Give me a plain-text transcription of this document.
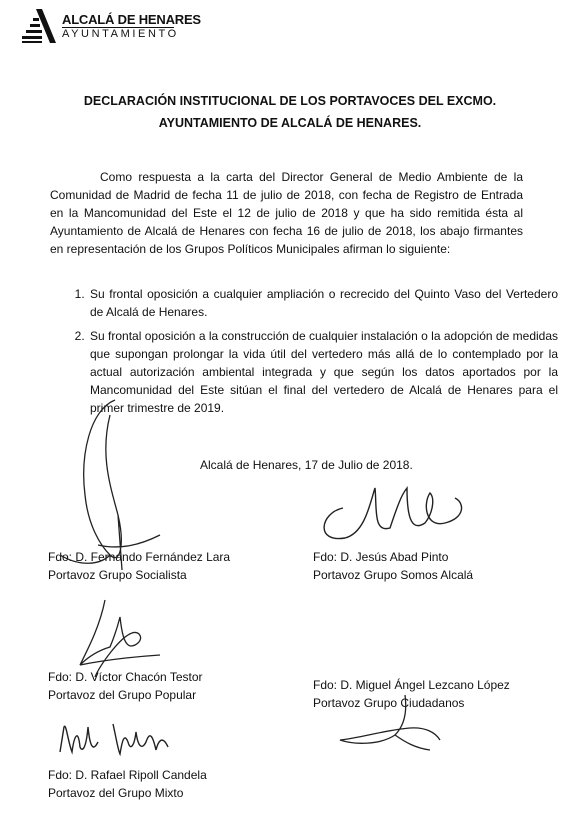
ALCALÁ DE HENARES
AYUNTAMIENTO
DECLARACIÓN INSTITUCIONAL DE LOS PORTAVOCES DEL EXCMO.
AYUNTAMIENTO DE ALCALÁ DE HENARES.

Como respuesta a la carta del Director General de Medio Ambiente de la Comunidad de Madrid de fecha 11 de julio de 2018, con fecha de Registro de Entrada en la Mancomunidad del Este el 12 de julio de 2018 y que ha sido remitida ésta al Ayuntamiento de Alcalá de Henares con fecha 16 de julio de 2018, los abajo firmantes en representación de los Grupos Políticos Municipales afirman lo siguiente:

1. Su frontal oposición a cualquier ampliación o recrecido del Quinto Vaso del Vertedero de Alcalá de Henares.
2. Su frontal oposición a la construcción de cualquier instalación o la adopción de medidas que supongan prolongar la vida útil del vertedero más allá de lo contemplado por la actual autorización ambiental integrada y que según los datos aportados por la Mancomunidad del Este sitúan el final del vertedero de Alcalá de Henares para el primer trimestre de 2019.
Alcalá de Henares, 17 de Julio de 2018.
Fdo: D. Fernando Fernández Lara
Portavoz Grupo Socialista
Fdo: D. Jesús Abad Pinto
Portavoz Grupo Somos Alcalá
Fdo: D. Víctor Chacón Testor
Portavoz del Grupo Popular
Fdo: D. Miguel Ángel Lezcano López
Portavoz Grupo Ciudadanos
Fdo: D. Rafael Ripoll Candela
Portavoz del Grupo Mixto
